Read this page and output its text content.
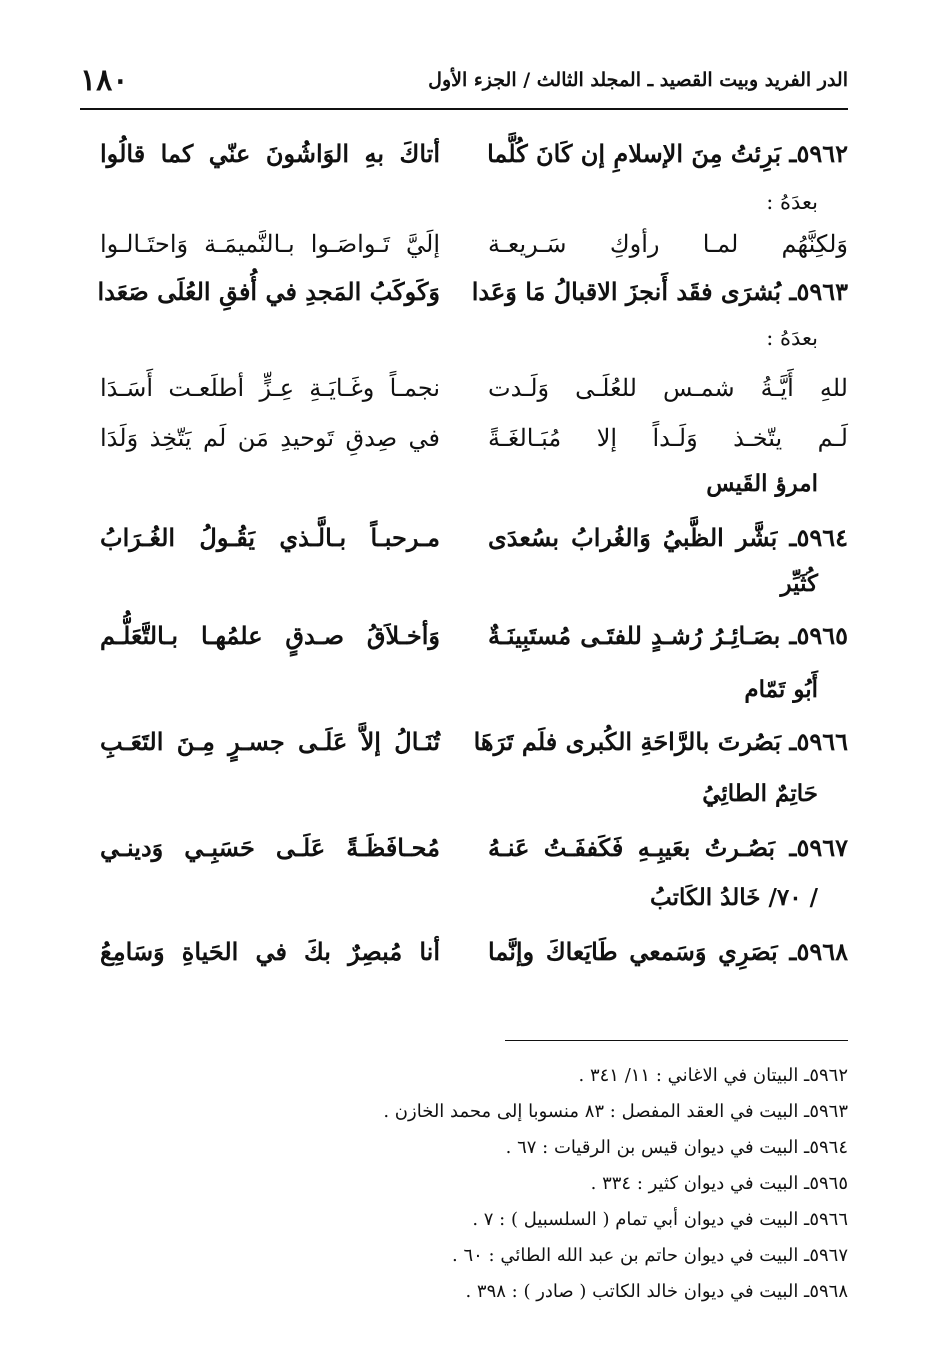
١٨٠	الدر الفريد وبيت القصيد ـ المجلد الثالث / الجزء الأول
٥٩٦٢ـ بَرِئتُ مِنَ الإسلامِ إن كَانَ كُلَّما
أتاكَ بهِ الوَاشُونَ عنّي كما قالُوا
بعدَهُ :
وَلكِنَّهُم لمـا رأوكِ سَـريعـة
إلَيَّ تَـواصَـوا بـالنَّميمَـة وَاحتَـالـوا
٥٩٦٣ـ بُشرَى فقَد أَنجزَ الاقبالُ مَا وَعَدا
وَكَوكَبُ المَجدِ في أُفقِ العُلَى صَعَدا
بعدَهُ :
للهِ أَيَّـةُ شمـس للعُلَـى وَلَـدت
نجمـاً وغَـايَـةِ عِـزٍّ أطلَعـت أَسَـدَا
لَـم يتّخـذ وَلَـداً إلا مُبَـالغَـةً
في صِدقِ تَوحيدِ مَن لَم يَتّخِذ وَلَدَا
امرؤ القَيس
٥٩٦٤ـ بَشَّر الظَّبيُ وَالغُرابُ بسُعدَى
مـرحبـاً بـالَّـذي يَقُـولُ الغُـرَابُ
كُثَيِّر
٥٩٦٥ـ بصَـائِـرُ رُشـدٍ للفتَـى مُستَبِينَـةٌ
وَأخـلاَقُ صـدقٍ علمُهـا بـالتَّعَلُّـم
أَبُو تَمّام
٥٩٦٦ـ بَصُرتَ بالرَّاحَةِ الكُبرى فلَم تَرَهَا
تُنَـالُ إلاَّ عَلَـى جسـرٍ مِـنَ التَعَـبِ
حَاتِمٌ الطائِيُ
٥٩٦٧ـ بَصُـرتُ بعَيبِـهِ فَكَففَـتُ عَنـهُ
مُحـافَظَـةً عَلَـى حَسَبِـي وَدينـي
/ ٧٠/ خَالدُ الكَاتبُ
٥٩٦٨ـ بَصَرِي وَسَمعي طَايَعاكَ وإنَّما
أنا مُبصِرٌ بكَ في الحَياةِ وَسَامِعُ
٥٩٦٢ـ البيتان في الاغاني : ١١/ ٣٤١ .
٥٩٦٣ـ البيت في العقد المفصل : ٨٣ منسوبا إلى محمد الخازن .
٥٩٦٤ـ البيت في ديوان قيس بن الرقيات : ٦٧ .
٥٩٦٥ـ البيت في ديوان كثير : ٣٣٤ .
٥٩٦٦ـ البيت في ديوان أبي تمام ( السلسبيل ) : ٧ .
٥٩٦٧ـ البيت في ديوان حاتم بن عبد الله الطائي : ٦٠ .
٥٩٦٨ـ البيت في ديوان خالد الكاتب ( صادر ) : ٣٩٨ .
